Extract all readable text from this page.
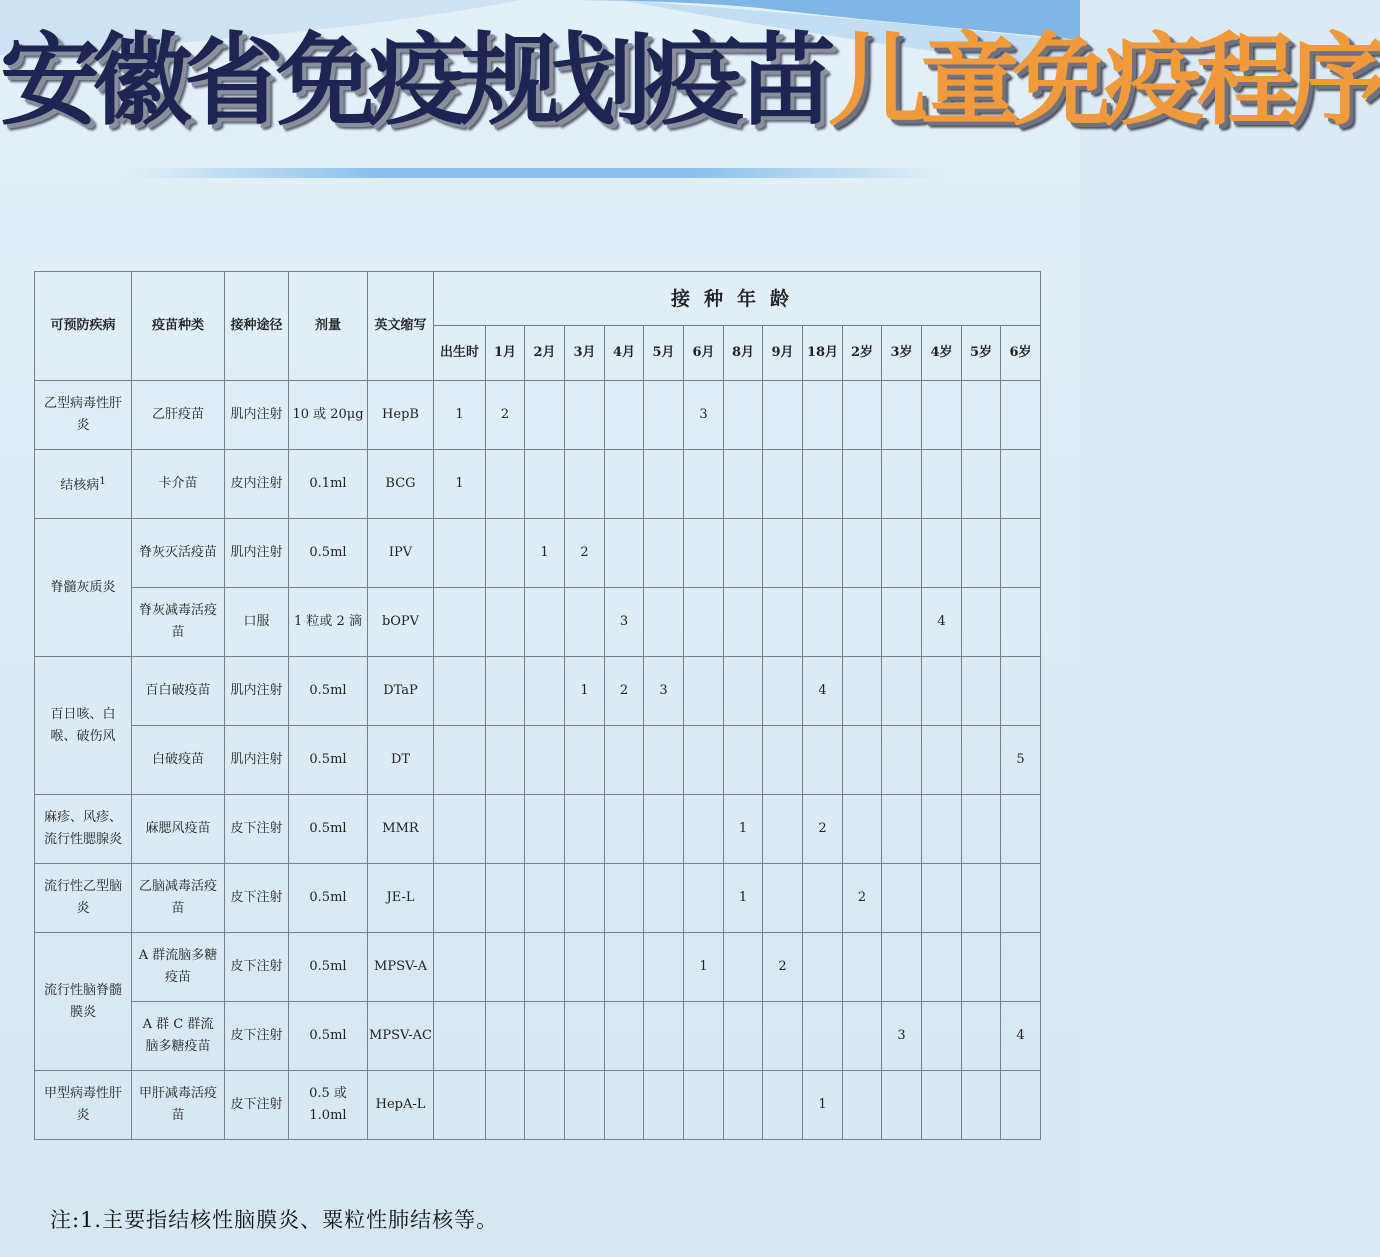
安徽省免疫规划疫苗儿童免疫程序
可预防疾病	疫苗种类	接种途径	剂量	英文缩写	接种年龄														
					出生时	1月	2月	3月	4月	5月	6月	8月	9月	18月	2岁	3岁	4岁	5岁	6岁
乙型病毒性肝炎	乙肝疫苗	肌内注射	10 或 20μg	HepB	1	2					3								
结核病$^1$	卡介苗	皮内注射	0.1ml	BCG	1														
脊髓灰质炎	脊灰灭活疫苗	肌内注射	0.5ml	IPV			1	2											
	脊灰减毒活疫苗	口服	1 粒或 2 滴	bOPV					3								4		
百日咳、白喉、破伤风	百白破疫苗	肌内注射	0.5ml	DTaP				1	2	3				4					
	白破疫苗	肌内注射	0.5ml	DT															5
麻疹、风疹、流行性腮腺炎	麻腮风疫苗	皮下注射	0.5ml	MMR								1		2					
流行性乙型脑炎	乙脑减毒活疫苗	皮下注射	0.5ml	JE-L								1			2				
流行性脑脊髓膜炎	A 群流脑多糖疫苗	皮下注射	0.5ml	MPSV-A							1		2						
	A 群 C 群流脑多糖疫苗	皮下注射	0.5ml	MPSV-AC												3			4
甲型病毒性肝炎	甲肝减毒活疫苗	皮下注射	0.5 或 1.0ml	HepA-L										1					
注:1.主要指结核性脑膜炎、粟粒性肺结核等。
